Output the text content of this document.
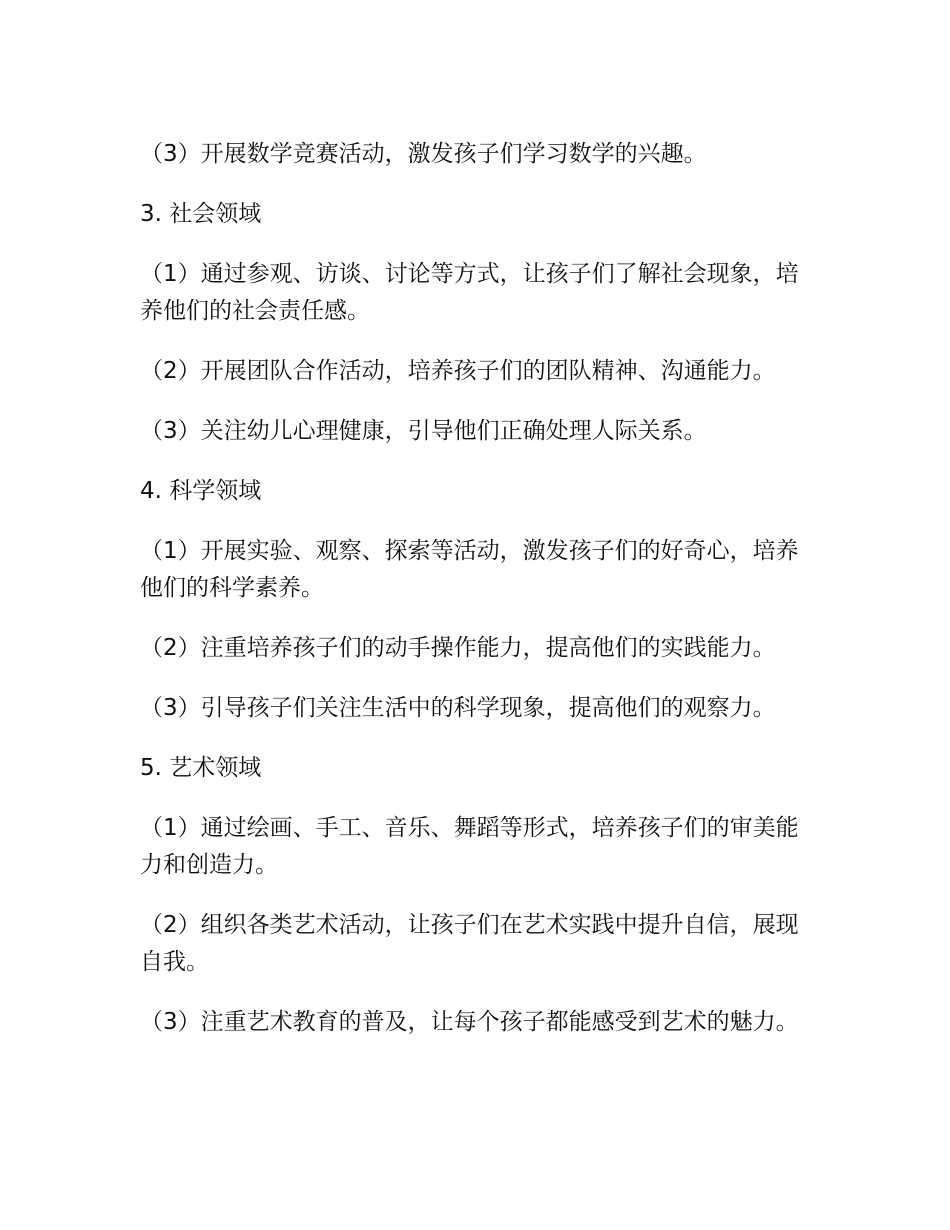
（3）开展数学竞赛活动，激发孩子们学习数学的兴趣。

3. 社会领域

（1）通过参观、访谈、讨论等方式，让孩子们了解社会现象，培养他们的社会责任感。

（2）开展团队合作活动，培养孩子们的团队精神、沟通能力。

（3）关注幼儿心理健康，引导他们正确处理人际关系。

4. 科学领域

（1）开展实验、观察、探索等活动，激发孩子们的好奇心，培养他们的科学素养。

（2）注重培养孩子们的动手操作能力，提高他们的实践能力。

（3）引导孩子们关注生活中的科学现象，提高他们的观察力。

5. 艺术领域

（1）通过绘画、手工、音乐、舞蹈等形式，培养孩子们的审美能力和创造力。

（2）组织各类艺术活动，让孩子们在艺术实践中提升自信，展现自我。

（3）注重艺术教育的普及，让每个孩子都能感受到艺术的魅力。
